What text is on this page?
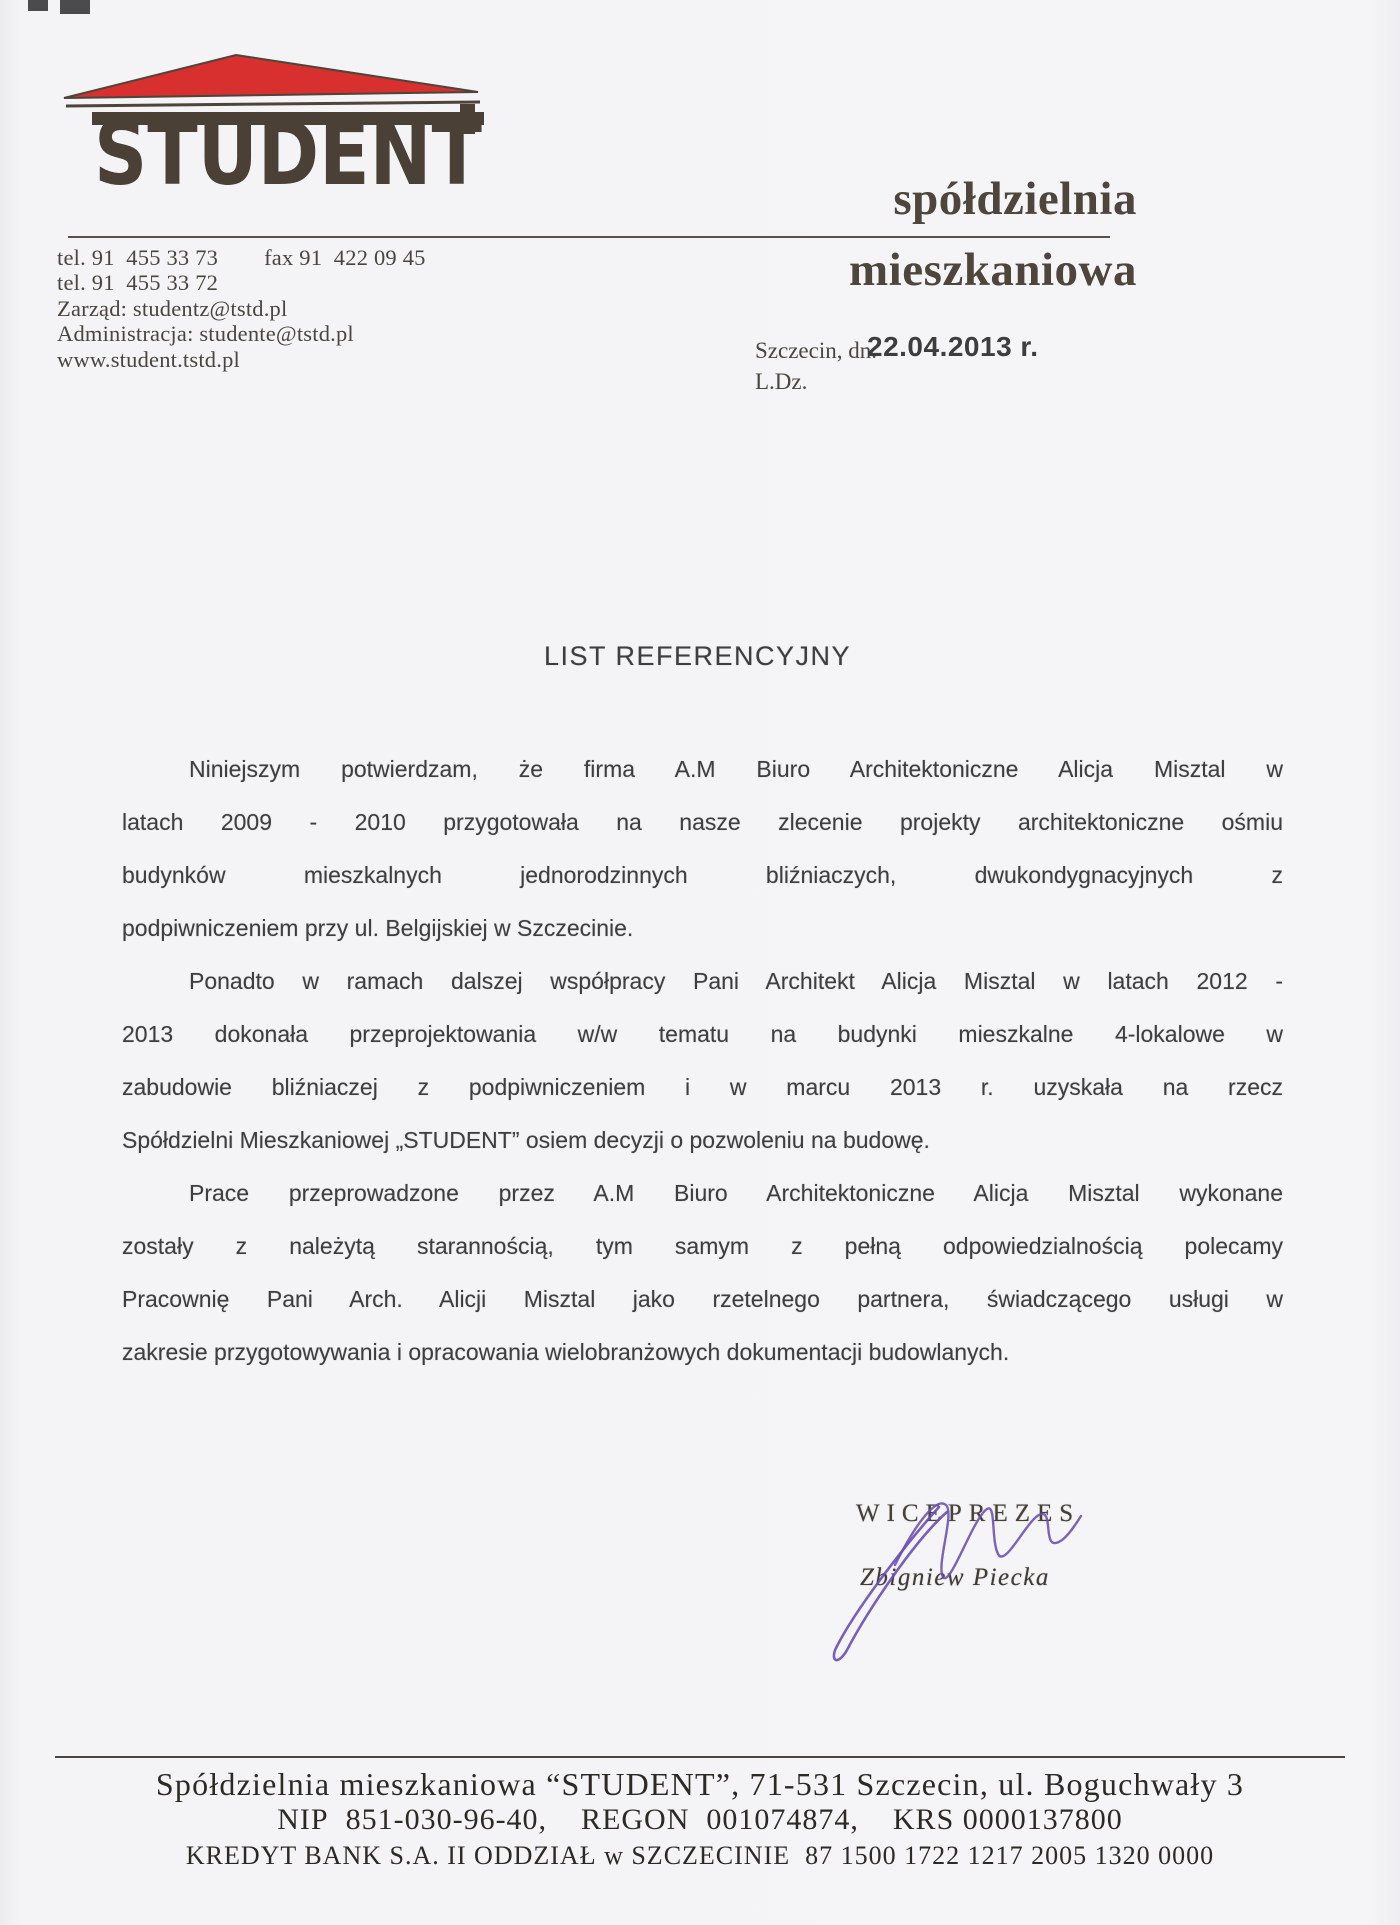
STUDENT
tel. 91  455 33 73 fax 91  422 09 45
tel. 91  455 33 72
Zarząd: studentz@tstd.pl
Administracja: studente@tstd.pl
www.student.tstd.pl
spółdzielnia
mieszkaniowa
Szczecin, dn.
22.04.2013 r.
L.Dz.
LIST REFERENCYJNY
Niniejszym potwierdzam, że firma A.M Biuro Architektoniczne Alicja Misztal w
latach 2009 - 2010 przygotowała na nasze zlecenie projekty architektoniczne ośmiu
budynków mieszkalnych jednorodzinnych bliźniaczych, dwukondygnacyjnych z
podpiwniczeniem przy ul. Belgijskiej w Szczecinie.
Ponadto w ramach dalszej współpracy Pani Architekt Alicja Misztal w latach 2012 -
2013 dokonała przeprojektowania w/w tematu na budynki mieszkalne 4-lokalowe w
zabudowie bliźniaczej z podpiwniczeniem i w marcu 2013 r. uzyskała na rzecz
Spółdzielni Mieszkaniowej „STUDENT” osiem decyzji o pozwoleniu na budowę.
Prace przeprowadzone przez A.M Biuro Architektoniczne Alicja Misztal wykonane
zostały z należytą starannością, tym samym z pełną odpowiedzialnością polecamy
Pracownię Pani Arch. Alicji Misztal jako rzetelnego partnera, świadczącego usługi w
zakresie przygotowywania i opracowania wielobranżowych dokumentacji budowlanych.
WICEPREZES
Zbigniew Piecka
Spółdzielnia mieszkaniowa “STUDENT”, 71-531 Szczecin, ul. Boguchwały 3
NIP  851-030-96-40,    REGON  001074874,    KRS 0000137800
KREDYT BANK S.A. II ODDZIAŁ w SZCZECINIE  87 1500 1722 1217 2005 1320 0000
